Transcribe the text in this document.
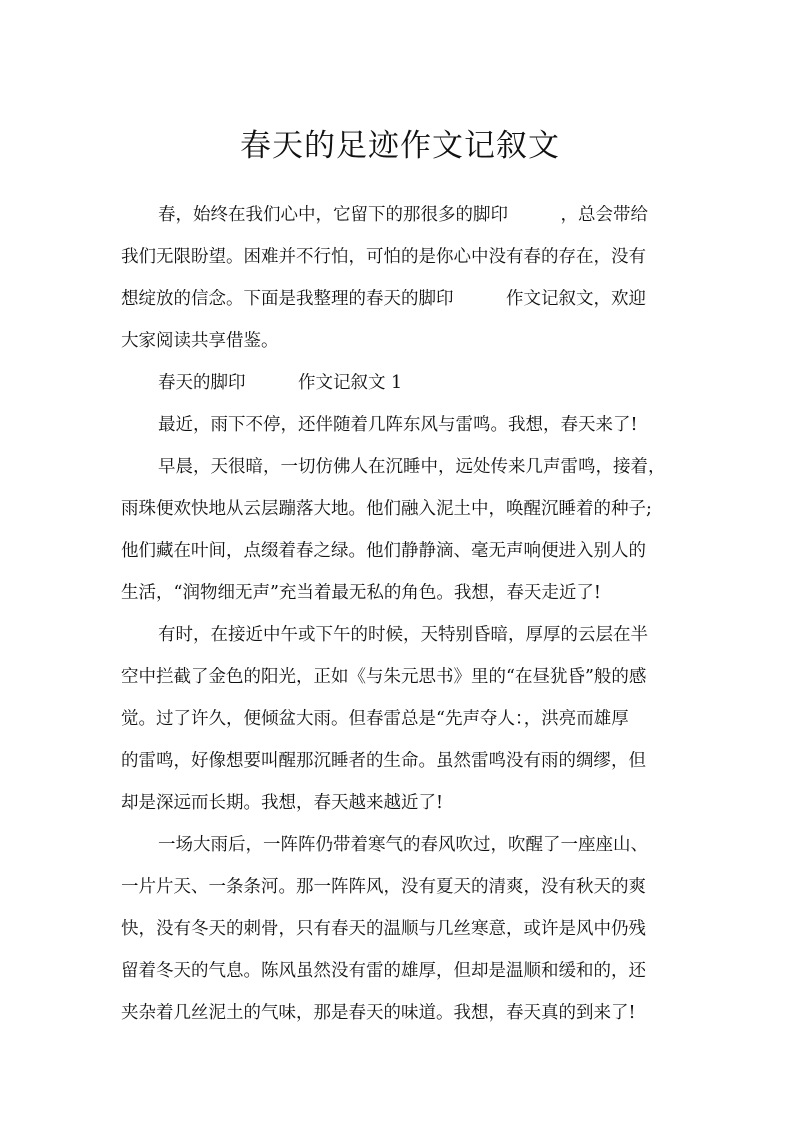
春天的足迹作文记叙文
春，始终在我们心中，它留下的那很多的脚印　　　，总会带给
我们无限盼望。困难并不行怕，可怕的是你心中没有春的存在，没有
想绽放的信念。下面是我整理的春天的脚印　　　作文记叙文，欢迎
大家阅读共享借鉴。
春天的脚印　　　作文记叙文 1
最近，雨下不停，还伴随着几阵东风与雷鸣。我想，春天来了!
早晨，天很暗，一切仿佛人在沉睡中，远处传来几声雷鸣，接着，
雨珠便欢快地从云层蹦落大地。他们融入泥土中，唤醒沉睡着的种子;
他们藏在叶间，点缀着春之绿。他们静静滴、毫无声响便进入别人的
生活，“润物细无声”充当着最无私的角色。我想，春天走近了!
有时，在接近中午或下午的时候，天特别昏暗，厚厚的云层在半
空中拦截了金色的阳光，正如《与朱元思书》里的“在昼犹昏”般的感
觉。过了许久，便倾盆大雨。但春雷总是“先声夺人：，洪亮而雄厚
的雷鸣，好像想要叫醒那沉睡者的生命。虽然雷鸣没有雨的绸缪，但
却是深远而长期。我想，春天越来越近了!
一场大雨后，一阵阵仍带着寒气的春风吹过，吹醒了一座座山、
一片片天、一条条河。那一阵阵风，没有夏天的清爽，没有秋天的爽
快，没有冬天的刺骨，只有春天的温顺与几丝寒意，或许是风中仍残
留着冬天的气息。陈风虽然没有雷的雄厚，但却是温顺和缓和的，还
夹杂着几丝泥土的气味，那是春天的味道。我想，春天真的到来了!
